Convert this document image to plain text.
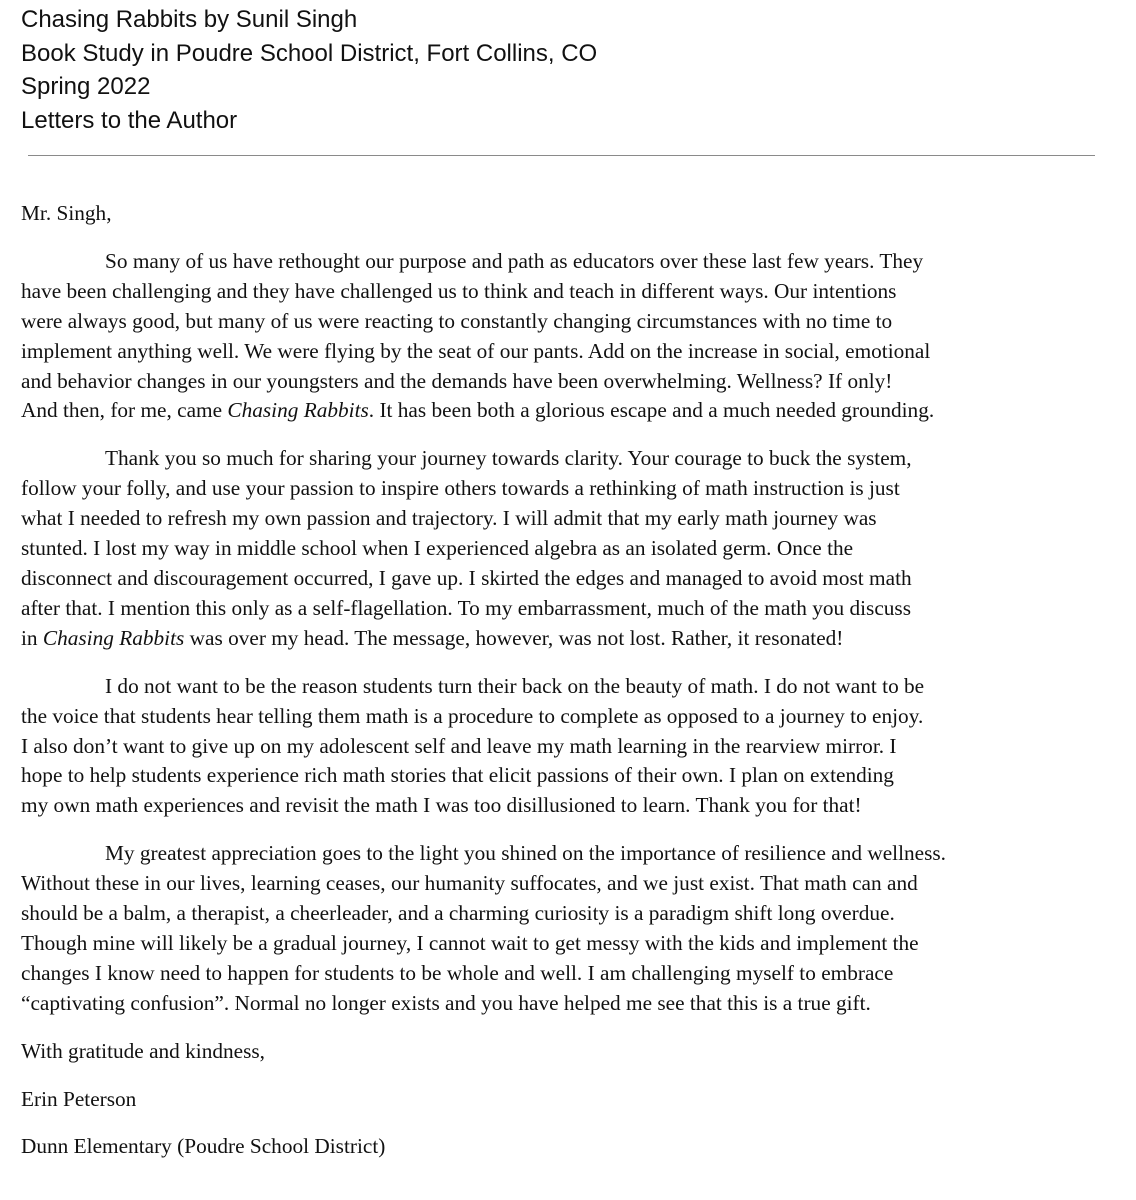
Chasing Rabbits by Sunil Singh
Book Study in Poudre School District, Fort Collins, CO
Spring 2022
Letters to the Author

Mr. Singh,

So many of us have rethought our purpose and path as educators over these last few years. They
have been challenging and they have challenged us to think and teach in different ways. Our intentions
were always good, but many of us were reacting to constantly changing circumstances with no time to
implement anything well. We were flying by the seat of our pants. Add on the increase in social, emotional
and behavior changes in our youngsters and the demands have been overwhelming. Wellness? If only!
And then, for me, came Chasing Rabbits. It has been both a glorious escape and a much needed grounding.

Thank you so much for sharing your journey towards clarity. Your courage to buck the system,
follow your folly, and use your passion to inspire others towards a rethinking of math instruction is just
what I needed to refresh my own passion and trajectory. I will admit that my early math journey was
stunted. I lost my way in middle school when I experienced algebra as an isolated germ. Once the
disconnect and discouragement occurred, I gave up. I skirted the edges and managed to avoid most math
after that. I mention this only as a self-flagellation. To my embarrassment, much of the math you discuss
in Chasing Rabbits was over my head. The message, however, was not lost. Rather, it resonated!

I do not want to be the reason students turn their back on the beauty of math. I do not want to be
the voice that students hear telling them math is a procedure to complete as opposed to a journey to enjoy.
I also don’t want to give up on my adolescent self and leave my math learning in the rearview mirror. I
hope to help students experience rich math stories that elicit passions of their own. I plan on extending
my own math experiences and revisit the math I was too disillusioned to learn. Thank you for that!

My greatest appreciation goes to the light you shined on the importance of resilience and wellness.
Without these in our lives, learning ceases, our humanity suffocates, and we just exist. That math can and
should be a balm, a therapist, a cheerleader, and a charming curiosity is a paradigm shift long overdue.
Though mine will likely be a gradual journey, I cannot wait to get messy with the kids and implement the
changes I know need to happen for students to be whole and well. I am challenging myself to embrace
“captivating confusion”. Normal no longer exists and you have helped me see that this is a true gift.

With gratitude and kindness,

Erin Peterson

Dunn Elementary (Poudre School District)
